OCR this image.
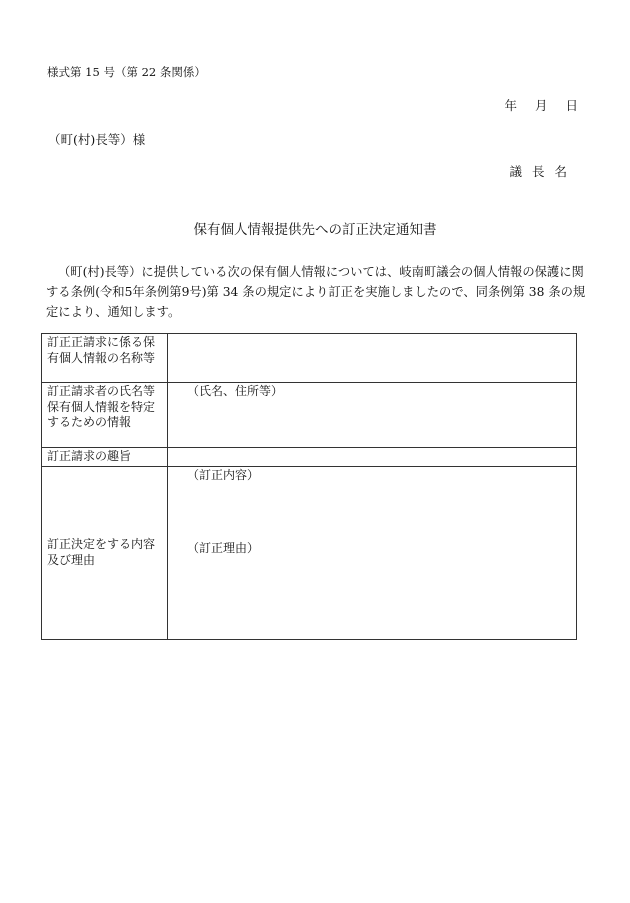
様式第 15 号（第 22 条関係）
年 月 日
（町(村)長等）様
議 長 名
保有個人情報提供先への訂正決定通知書
（町(村)長等）に提供している次の保有個人情報については、岐南町議会の個人情報の保護に関する条例(令和5年条例第9号)第 34 条の規定により訂正を実施しましたので、同条例第 38 条の規定により、通知します。
訂正正請求に係る保有個人情報の名称等	
訂正請求者の氏名等保有個人情報を特定するための情報	（氏名、住所等）

訂正請求の趣旨	
訂正決定をする内容及び理由	（訂正内容）
（訂正理由）
